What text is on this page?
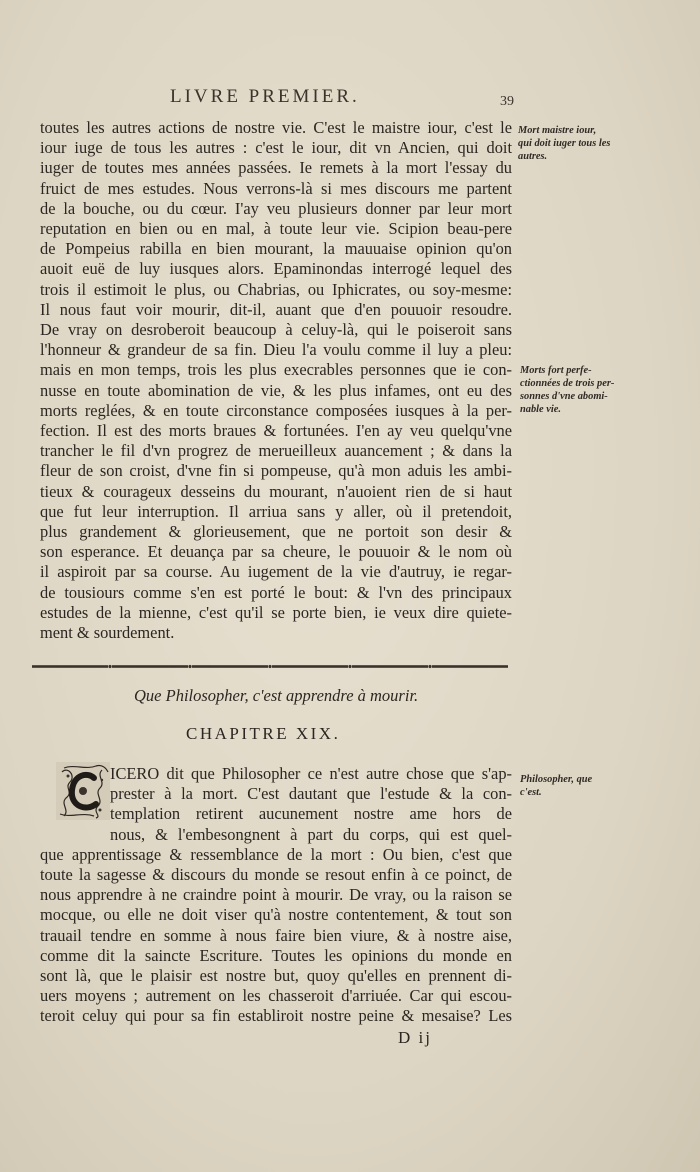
LIVRE PREMIER.	39
toutes les autres actions de nostre vie. C'est le maistre iour, c'est le
iour iuge de tous les autres : c'est le iour, dit vn Ancien, qui doit
iuger de toutes mes années passées. Ie remets à la mort l'essay du
fruict de mes estudes. Nous verrons-là si mes discours me partent
de la bouche, ou du cœur. I'ay veu plusieurs donner par leur mort
reputation en bien ou en mal, à toute leur vie. Scipion beau-pere
de Pompeius rabilla en bien mourant, la mauuaise opinion qu'on
auoit euë de luy iusques alors. Epaminondas interrogé lequel des
trois il estimoit le plus, ou Chabrias, ou Iphicrates, ou soy-mesme:
Il nous faut voir mourir, dit-il, auant que d'en pouuoir resoudre.
De vray on desroberoit beaucoup à celuy-là, qui le poiseroit sans
l'honneur & grandeur de sa fin. Dieu l'a voulu comme il luy a pleu:
mais en mon temps, trois les plus execrables personnes que ie con-
nusse en toute abomination de vie, & les plus infames, ont eu des
morts reglées, & en toute circonstance composées iusques à la per-
fection. Il est des morts braues & fortunées. I'en ay veu quelqu'vne
trancher le fil d'vn progrez de merueilleux auancement ; & dans la
fleur de son croist, d'vne fin si pompeuse, qu'à mon aduis les ambi-
tieux & courageux desseins du mourant, n'auoient rien de si haut
que fut leur interruption. Il arriua sans y aller, où il pretendoit,
plus grandement & glorieusement, que ne portoit son desir &
son esperance. Et deuança par sa cheure, le pouuoir & le nom où
il aspiroit par sa course. Au iugement de la vie d'autruy, ie regar-
de tousiours comme s'en est porté le bout: & l'vn des principaux
estudes de la mienne, c'est qu'il se porte bien, ie veux dire quiete-
ment & sourdement.
Mort maistre iour,
qui doit iuger tous les
autres.
Morts fort perfe-
ctionnées de trois per-
sonnes d'vne abomi-
nable vie.
Que Philosopher, c'est apprendre à mourir.
CHAPITRE XIX.
ICERO dit que Philosopher ce n'est autre chose que s'ap-
prester à la mort. C'est dautant que l'estude & la con-
templation retirent aucunement nostre ame hors de
nous, & l'embesongnent à part du corps, qui est quel-
que apprentissage & ressemblance de la mort : Ou bien, c'est que
toute la sagesse & discours du monde se resout enfin à ce poinct, de
nous apprendre à ne craindre point à mourir. De vray, ou la raison se
mocque, ou elle ne doit viser qu'à nostre contentement, & tout son
trauail tendre en somme à nous faire bien viure, & à nostre aise,
comme dit la saincte Escriture. Toutes les opinions du monde en
sont là, que le plaisir est nostre but, quoy qu'elles en prennent di-
uers moyens ; autrement on les chasseroit d'arriuée. Car qui escou-
teroit celuy qui pour sa fin establiroit nostre peine & mesaise? Les
Philosopher, que
c'est.
D ij
